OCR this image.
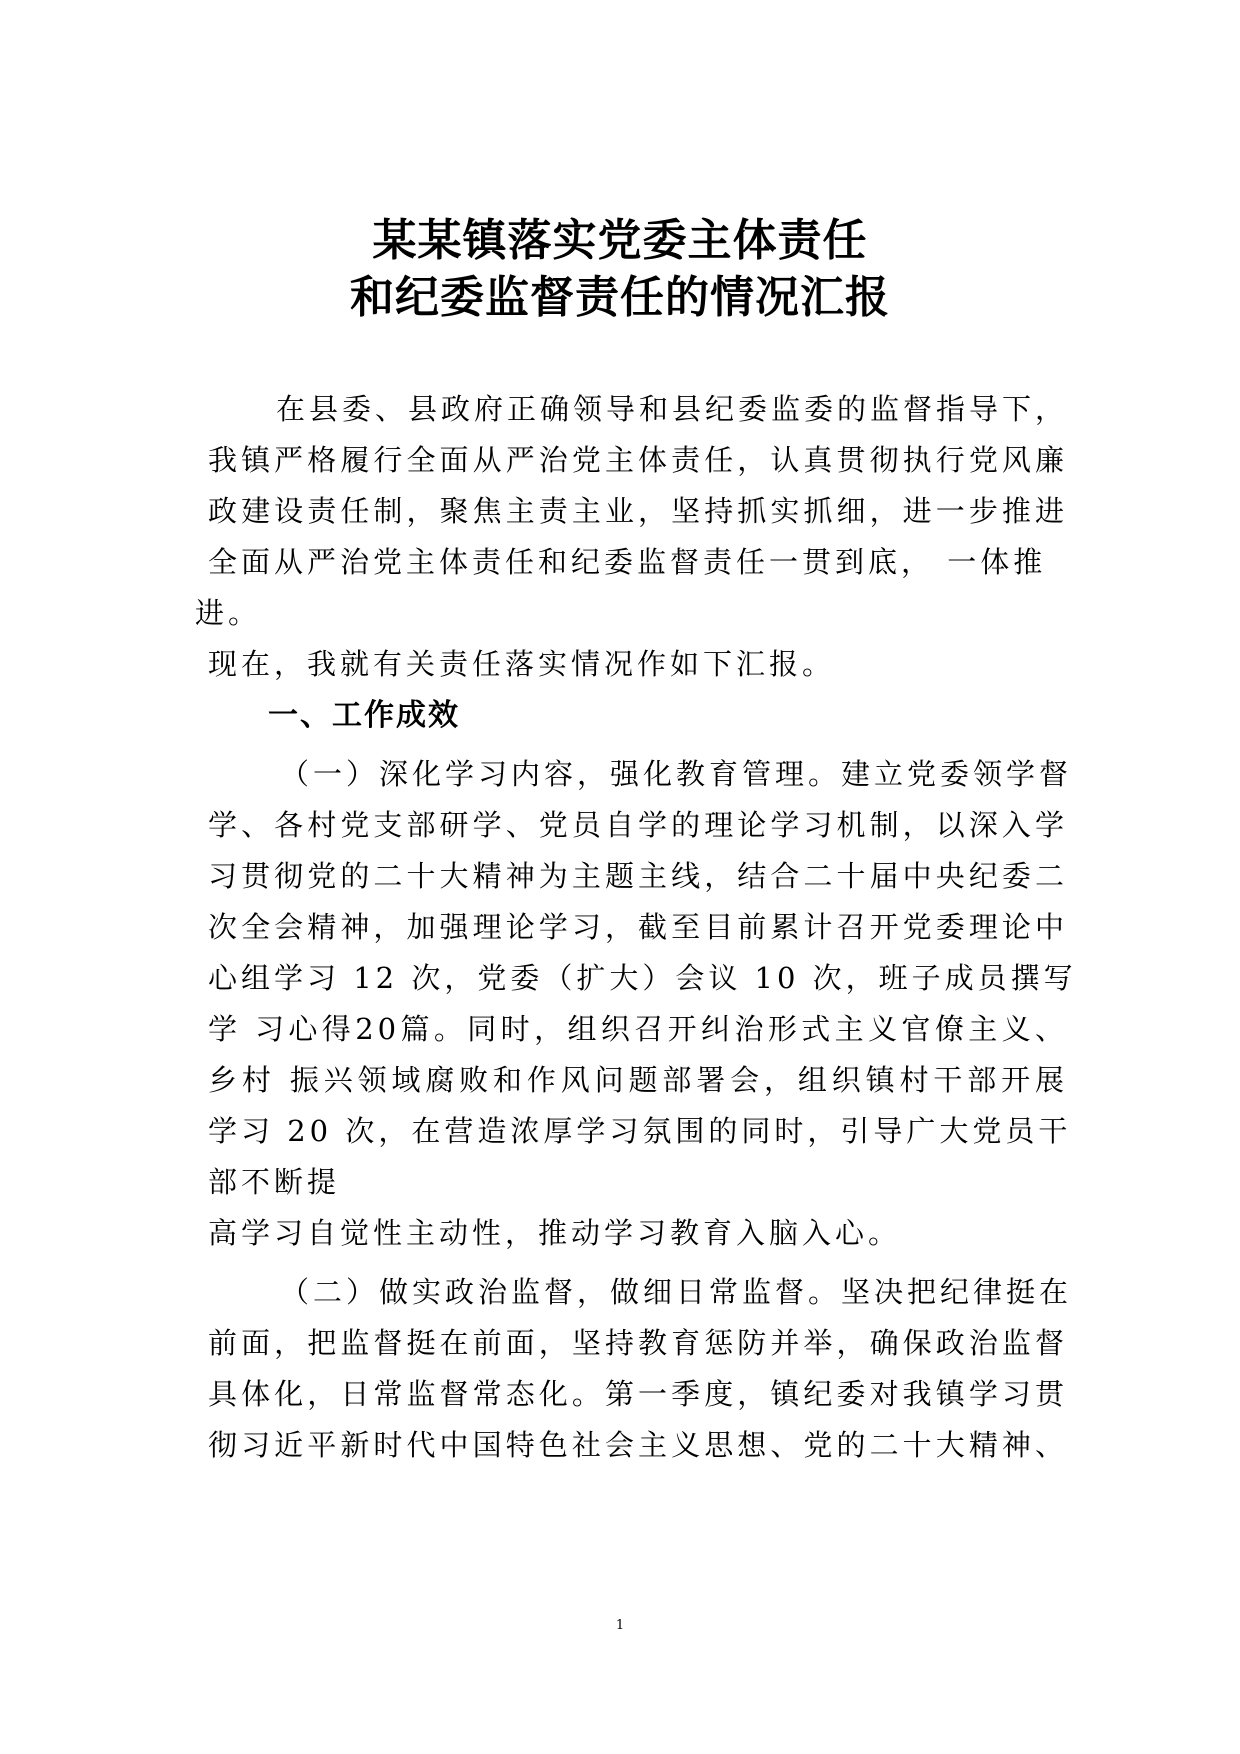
某某镇落实党委主体责任
和纪委监督责任的情况汇报
在县委、县政府正确领导和县纪委监委的监督指导下，
我镇严格履行全面从严治党主体责任，认真贯彻执行党风廉
政建设责任制，聚焦主责主业，坚持抓实抓细，进一步推进
全面从严治党主体责任和纪委监督责任一贯到底， 一体推
进。
现在，我就有关责任落实情况作如下汇报。
一、工作成效
（一）深化学习内容，强化教育管理。建立党委领学督
学、各村党支部研学、党员自学的理论学习机制，以深入学
习贯彻党的二十大精神为主题主线，结合二十届中央纪委二
次全会精神，加强理论学习，截至目前累计召开党委理论中
心组学习 12 次，党委（扩大）会议 10 次，班子成员撰写
学 习心得20篇。同时，组织召开纠治形式主义官僚主义、
乡村 振兴领域腐败和作风问题部署会，组织镇村干部开展
学习 20 次，在营造浓厚学习氛围的同时，引导广大党员干
部不断提
高学习自觉性主动性，推动学习教育入脑入心。
（二）做实政治监督，做细日常监督。坚决把纪律挺在
前面，把监督挺在前面，坚持教育惩防并举，确保政治监督
具体化，日常监督常态化。第一季度，镇纪委对我镇学习贯
彻习近平新时代中国特色社会主义思想、党的二十大精神、
1
